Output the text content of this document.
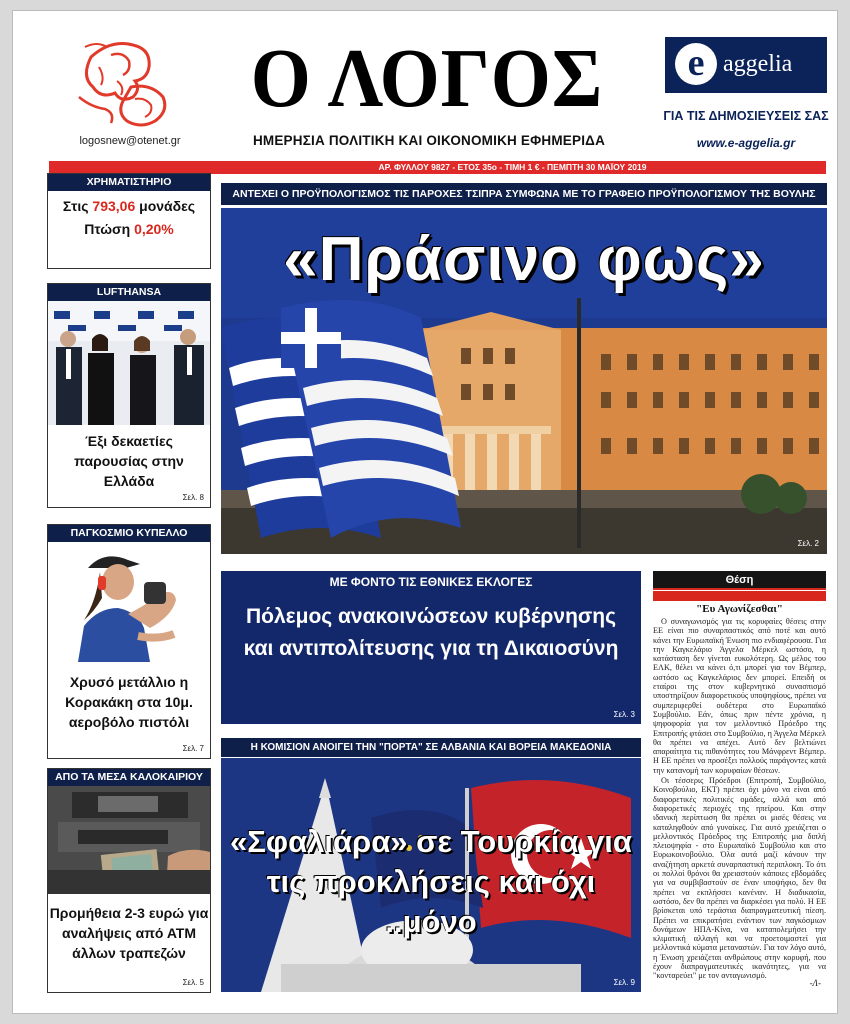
logosnew@otenet.gr
Ο ΛΟΓΟΣ
ΗΜΕΡΗΣΙΑ ΠΟΛΙΤΙΚΗ ΚΑΙ ΟΙΚΟΝΟΜΙΚΗ ΕΦΗΜΕΡΙΔΑ
e aggelia
ΓΙΑ ΤΙΣ ΔΗΜΟΣΙΕΥΣΕΙΣ ΣΑΣ
www.e-aggelia.gr
ΑΡ. ΦΥΛΛΟΥ 9827 - ΕΤΟΣ 35ο - ΤΙΜΗ 1 € - ΠΕΜΠΤΗ 30 ΜΑΪΟΥ 2019
ΧΡΗΜΑΤΙΣΤΗΡΙΟ
Στις 793,06 μονάδες
Πτώση 0,20%
LUFTHANSA
Έξι δεκαετίες παρουσίας στην Ελλάδα
Σελ. 8
ΠΑΓΚΟΣΜΙΟ ΚΥΠΕΛΛΟ
Χρυσό μετάλλιο η Κορακάκη στα 10μ. αεροβόλο πιστόλι
Σελ. 7
ΑΠΟ ΤΑ ΜΕΣΑ ΚΑΛΟΚΑΙΡΙΟΥ
Προμήθεια 2-3 ευρώ για αναλήψεις από ΑΤΜ άλλων τραπεζών
Σελ. 5
ΑΝΤΕΧΕΙ Ο ΠΡΟΫΠΟΛΟΓΙΣΜΟΣ ΤΙΣ ΠΑΡΟΧΕΣ ΤΣΙΠΡΑ ΣΥΜΦΩΝΑ ΜΕ ΤΟ ΓΡΑΦΕΙΟ ΠΡΟΫΠΟΛΟΓΙΣΜΟΥ ΤΗΣ ΒΟΥΛΗΣ
«Πράσινο φως»
Σελ. 2
ΜΕ ΦΟΝΤΟ ΤΙΣ ΕΘΝΙΚΕΣ ΕΚΛΟΓΕΣ
Πόλεμος ανακοινώσεων κυβέρνησης και αντιπολίτευσης για τη Δικαιοσύνη
Σελ. 3
Η ΚΟΜΙΣΙΟΝ ΑΝΟΙΓΕΙ ΤΗΝ "ΠΟΡΤΑ" ΣΕ ΑΛΒΑΝΙΑ ΚΑΙ ΒΟΡΕΙΑ ΜΑΚΕΔΟΝΙΑ
«Σφαλιάρα» σε Τουρκία για τις προκλήσεις και όχι ..μόνο
Σελ. 9
Θέση
"Ευ Αγωνίζεσθαι"

Ο συναγωνισμός για τις κορυφαίες θέσεις στην ΕΕ είναι πιο συναρπαστικός από ποτέ και αυτό κάνει την Ευρωπαϊκή Ένωση πιο ενδιαφέρουσα. Για την Καγκελάριο Άγγελα Μέρκελ ωστόσο, η κατάσταση δεν γίνεται ευκολότερη. Ως μέλος του ΕΛΚ, θέλει να κάνει ό,τι μπορεί για τον Βέμπερ, ωστόσο ως Καγκελάριος δεν μπορεί. Επειδή οι εταίροι της στον κυβερνητικό συνασπισμό υποστηρίζουν διαφορετικούς υποψηφίους, πρέπει να συμπεριφερθεί ουδέτερα στο Ευρωπαϊκό Συμβούλιο. Εάν, όπως πριν πέντε χρόνια, η ψηφοφορία για τον μελλοντικό Πρόεδρο της Επιτροπής φτάσει στο Συμβούλιο, η Άγγελα Μέρκελ θα πρέπει να απέχει. Αυτό δεν βελτιώνει απαραίτητα τις πιθανότητες του Μάνφρεντ Βέμπερ. Η ΕΕ πρέπει να προσέξει πολλούς παράγοντες κατά την κατανομή των κορυφαίων θέσεων.

Οι τέσσερις Πρόεδροι (Επιτροπή, Συμβούλιο, Κοινοβούλιο, ΕΚΤ) πρέπει όχι μόνο να είναι από διαφορετικές πολιτικές ομάδες, αλλά και από διαφορετικές περιοχές της ηπείρου. Και στην ιδανική περίπτωση θα πρέπει οι μισές θέσεις να καταληφθούν από γυναίκες. Για αυτό χρειάζεται ο μελλοντικός Πρόεδρος της Επιτροπής μια διπλή πλειοψηφία - στο Ευρωπαϊκό Συμβούλιο και στο Ευρωκοινοβούλιο. Όλα αυτά μαζί κάνουν την αναζήτηση αρκετά συναρπαστική περιπλοκη. Το ότι οι πολλοί θρόνοι θα χρειαστούν κάποιες εβδομάδες για να συμβιβαστούν σε έναν υποψήφιο, δεν θα πρέπει να εκπλήσσει κανέναν. Η διαδικασία, ωστόσο, δεν θα πρέπει να διαρκέσει για πολύ. Η ΕΕ βρίσκεται υπό τεράστια διαπραγματευτική πίεση. Πρέπει να επικρατήσει ενάντιον των παγκόσμιων δυνάμεων ΗΠΑ-Κίνα, να καταπολεμήσει την κλιματική αλλαγή και να προετοιμαστεί για μελλοντικά κύματα μεταναστών. Για τον λόγο αυτό, η Ένωση χρειάζεται ανθρώπους στην κορυφή, που έχουν διαπραγματευτικές ικανότητες, για να "κονταρεύει" με τον ανταγωνισμό.

-Λ-
